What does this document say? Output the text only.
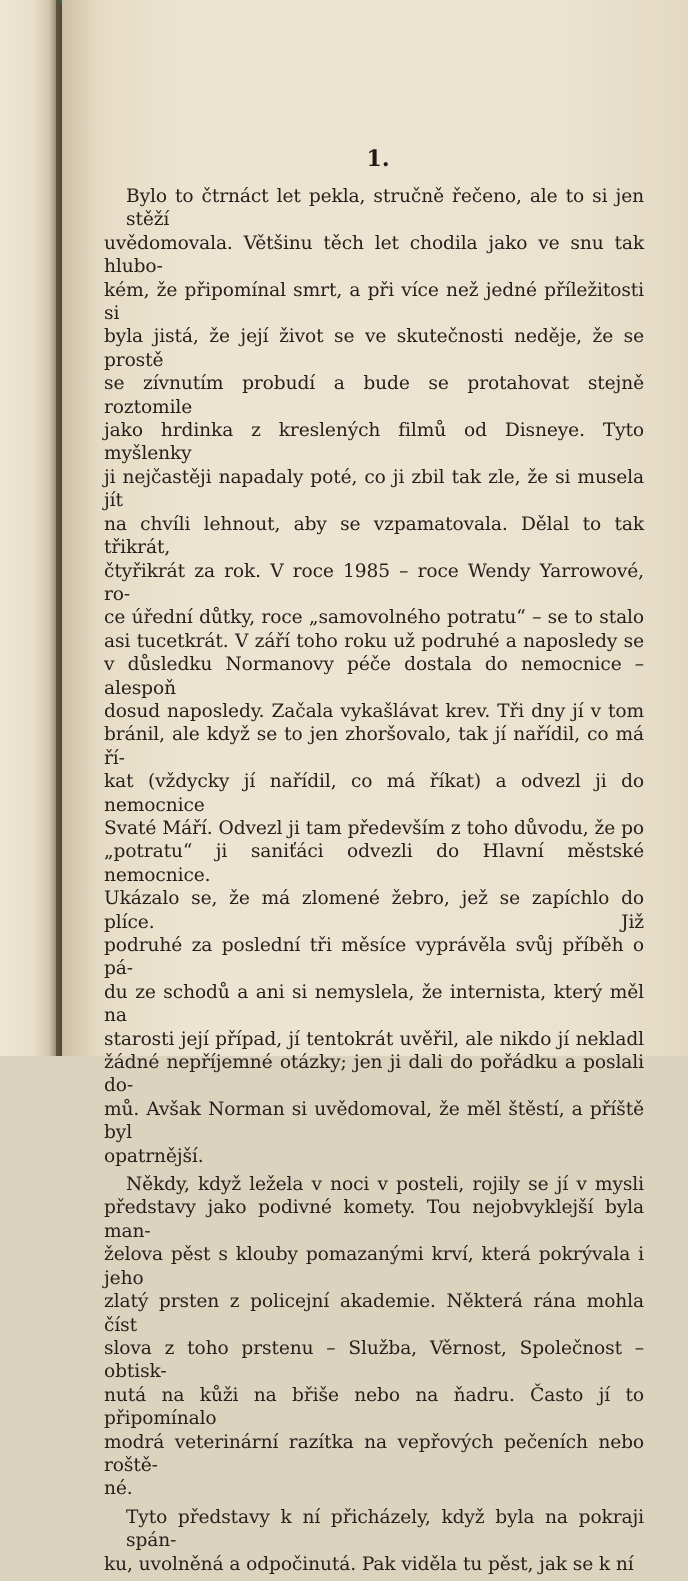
1.

Bylo to čtrnáct let pekla, stručně řečeno, ale to si jen stěží
uvědomovala. Většinu těch let chodila jako ve snu tak hlubo-
kém, že připomínal smrt, a při více než jedné příležitosti si
byla jistá, že její život se ve skutečnosti neděje, že se prostě
se zívnutím probudí a bude se protahovat stejně roztomile
jako hrdinka z kreslených filmů od Disneye. Tyto myšlenky
ji nejčastěji napadaly poté, co ji zbil tak zle, že si musela jít
na chvíli lehnout, aby se vzpamatovala. Dělal to tak třikrát,
čtyřikrát za rok. V roce 1985 – roce Wendy Yarrowové, ro-
ce úřední důtky, roce „samovolného potratu“ – se to stalo
asi tucetkrát. V září toho roku už podruhé a naposledy se
v důsledku Normanovy péče dostala do nemocnice – alespoň
dosud naposledy. Začala vykašlávat krev. Tři dny jí v tom
bránil, ale když se to jen zhoršovalo, tak jí nařídil, co má ří-
kat (vždycky jí nařídil, co má říkat) a odvezl ji do nemocnice
Svaté Máří. Odvezl ji tam především z toho důvodu, že po
„potratu“ ji saniťáci odvezli do Hlavní městské nemocnice.
Ukázalo se, že má zlomené žebro, jež se zapíchlo do plíce. Již
podruhé za poslední tři měsíce vyprávěla svůj příběh o pá-
du ze schodů a ani si nemyslela, že internista, který měl na
starosti její případ, jí tentokrát uvěřil, ale nikdo jí nekladl
žádné nepříjemné otázky; jen ji dali do pořádku a poslali do-
mů. Avšak Norman si uvědomoval, že měl štěstí, a příště byl
opatrnější.

Někdy, když ležela v noci v posteli, rojily se jí v mysli
představy jako podivné komety. Tou nejobvyklejší byla man-
želova pěst s klouby pomazanými krví, která pokrývala i jeho
zlatý prsten z policejní akademie. Některá rána mohla číst
slova z toho prstenu – Služba, Věrnost, Společnost – obtisk-
nutá na kůži na břiše nebo na ňadru. Často jí to připomínalo
modrá veterinární razítka na vepřových pečeních nebo roště-
né.

Tyto představy k ní přicházely, když byla na pokraji spán-
ku, uvolněná a odpočinutá. Pak viděla tu pěst, jak se k ní
